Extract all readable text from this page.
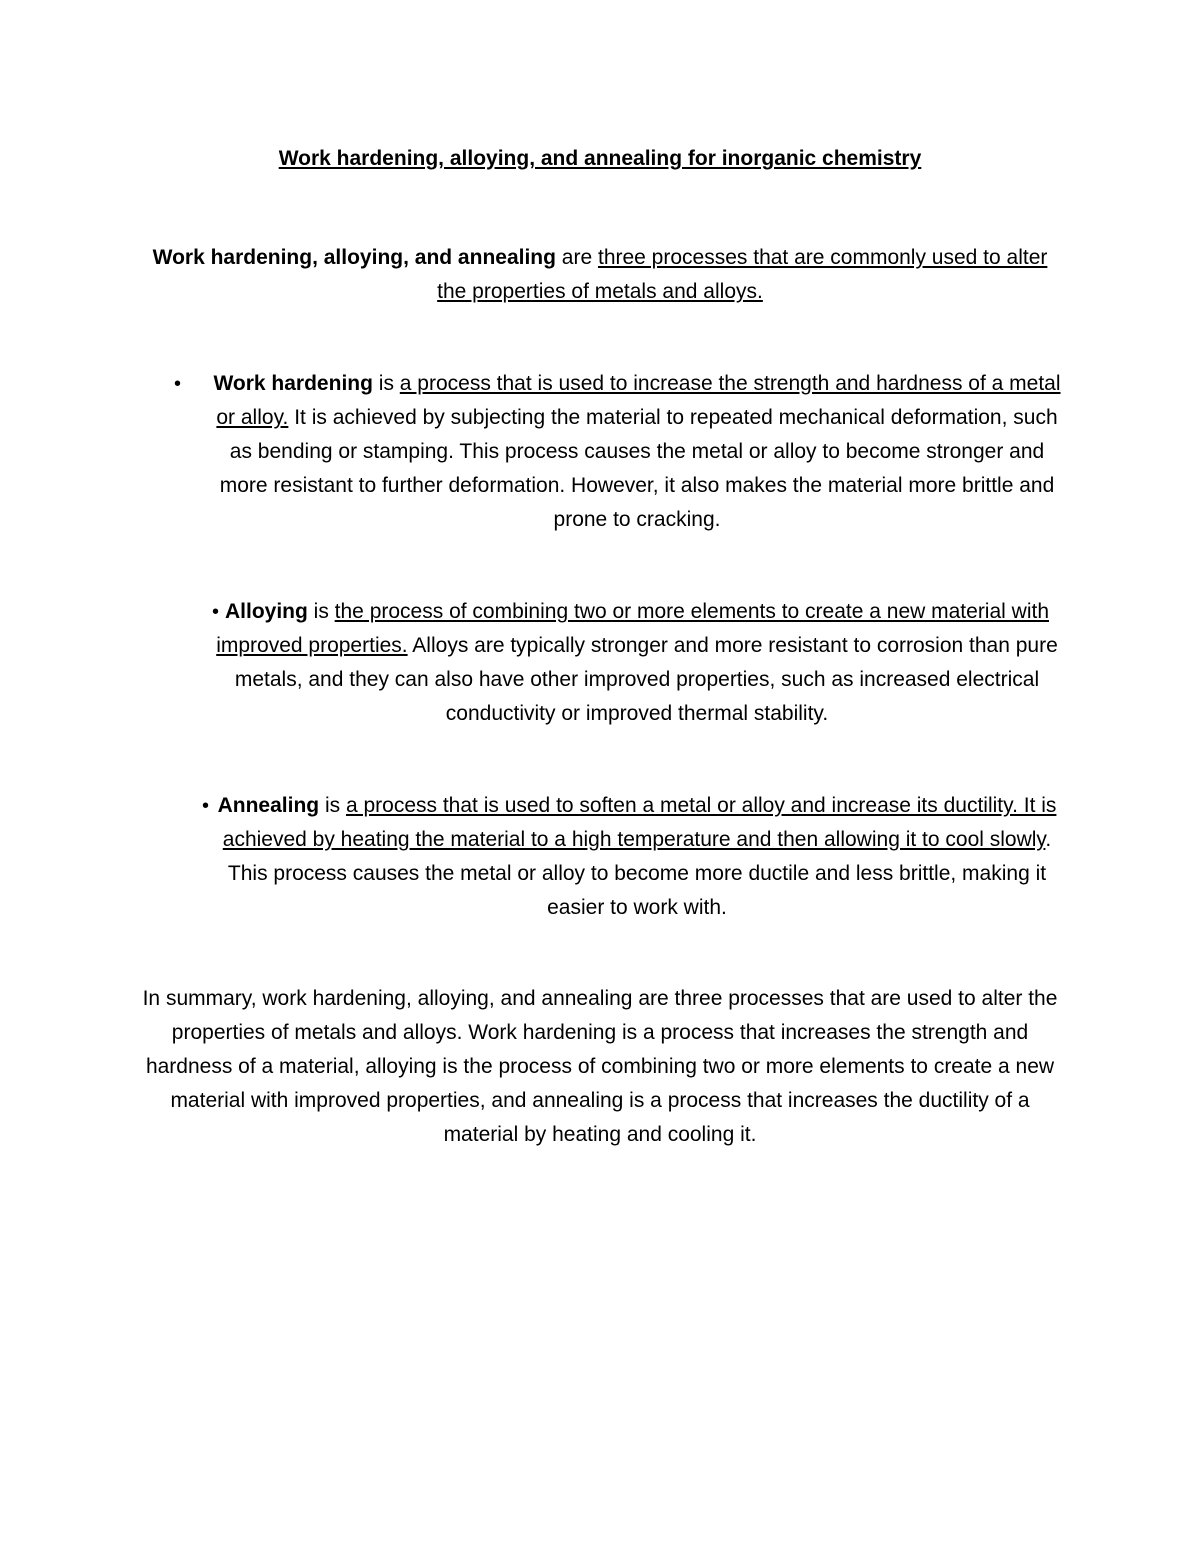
Work hardening, alloying, and annealing for inorganic chemistry

Work hardening, alloying, and annealing are three processes that are commonly used to alter the properties of metals and alloys.

•	Work hardening is a process that is used to increase the strength and hardness of a metal or alloy. It is achieved by subjecting the material to repeated mechanical deformation, such as bending or stamping. This process causes the metal or alloy to become stronger and more resistant to further deformation. However, it also makes the material more brittle and prone to cracking.

• Alloying is the process of combining two or more elements to create a new material with improved properties. Alloys are typically stronger and more resistant to corrosion than pure metals, and they can also have other improved properties, such as increased electrical conductivity or improved thermal stability.

• Annealing is a process that is used to soften a metal or alloy and increase its ductility. It is achieved by heating the material to a high temperature and then allowing it to cool slowly. This process causes the metal or alloy to become more ductile and less brittle, making it easier to work with.

In summary, work hardening, alloying, and annealing are three processes that are used to alter the properties of metals and alloys. Work hardening is a process that increases the strength and hardness of a material, alloying is the process of combining two or more elements to create a new material with improved properties, and annealing is a process that increases the ductility of a material by heating and cooling it.
